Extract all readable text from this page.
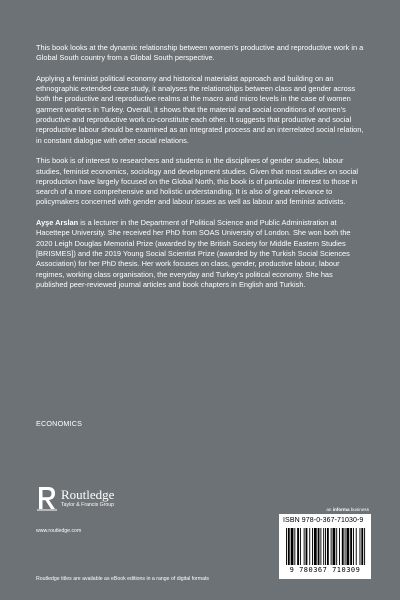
This book looks at the dynamic relationship between women’s productive and reproductive work in a Global South country from a Global South perspective.

Applying a feminist political economy and historical materialist approach and building on an ethnographic extended case study, it analyses the relationships between class and gender across both the productive and reproductive realms at the macro and micro levels in the case of women garment workers in Turkey. Overall, it shows that the material and social conditions of women’s productive and reproductive work co-constitute each other. It suggests that productive and social reproductive labour should be examined as an integrated process and an interrelated social relation, in constant dialogue with other social relations.

This book is of interest to researchers and students in the disciplines of gender studies, labour studies, feminist economics, sociology and development studies. Given that most studies on social reproduction have largely focused on the Global North, this book is of particular interest to those in search of a more comprehensive and holistic understanding. It is also of great relevance to policymakers concerned with gender and labour issues as well as labour and feminist activists.

Ayşe Arslan is a lecturer in the Department of Political Science and Public Administration at Hacettepe University. She received her PhD from SOAS University of London. She won both the 2020 Leigh Douglas Memorial Prize (awarded by the British Society for Middle Eastern Studies [BRISMES]) and the 2019 Young Social Scientist Prize (awarded by the Turkish Social Sciences Association) for her PhD thesis. Her work focuses on class, gender, productive labour, labour regimes, working class organisation, the everyday and Turkey’s political economy. She has published peer-reviewed journal articles and book chapters in English and Turkish.

ECONOMICS
Routledge
Taylor & Francis Group
www.routledge.com
an informa business
ISBN 978-0-367-71030-9
9 780367 710309
Routledge titles are available as eBook editions in a range of digital formats
